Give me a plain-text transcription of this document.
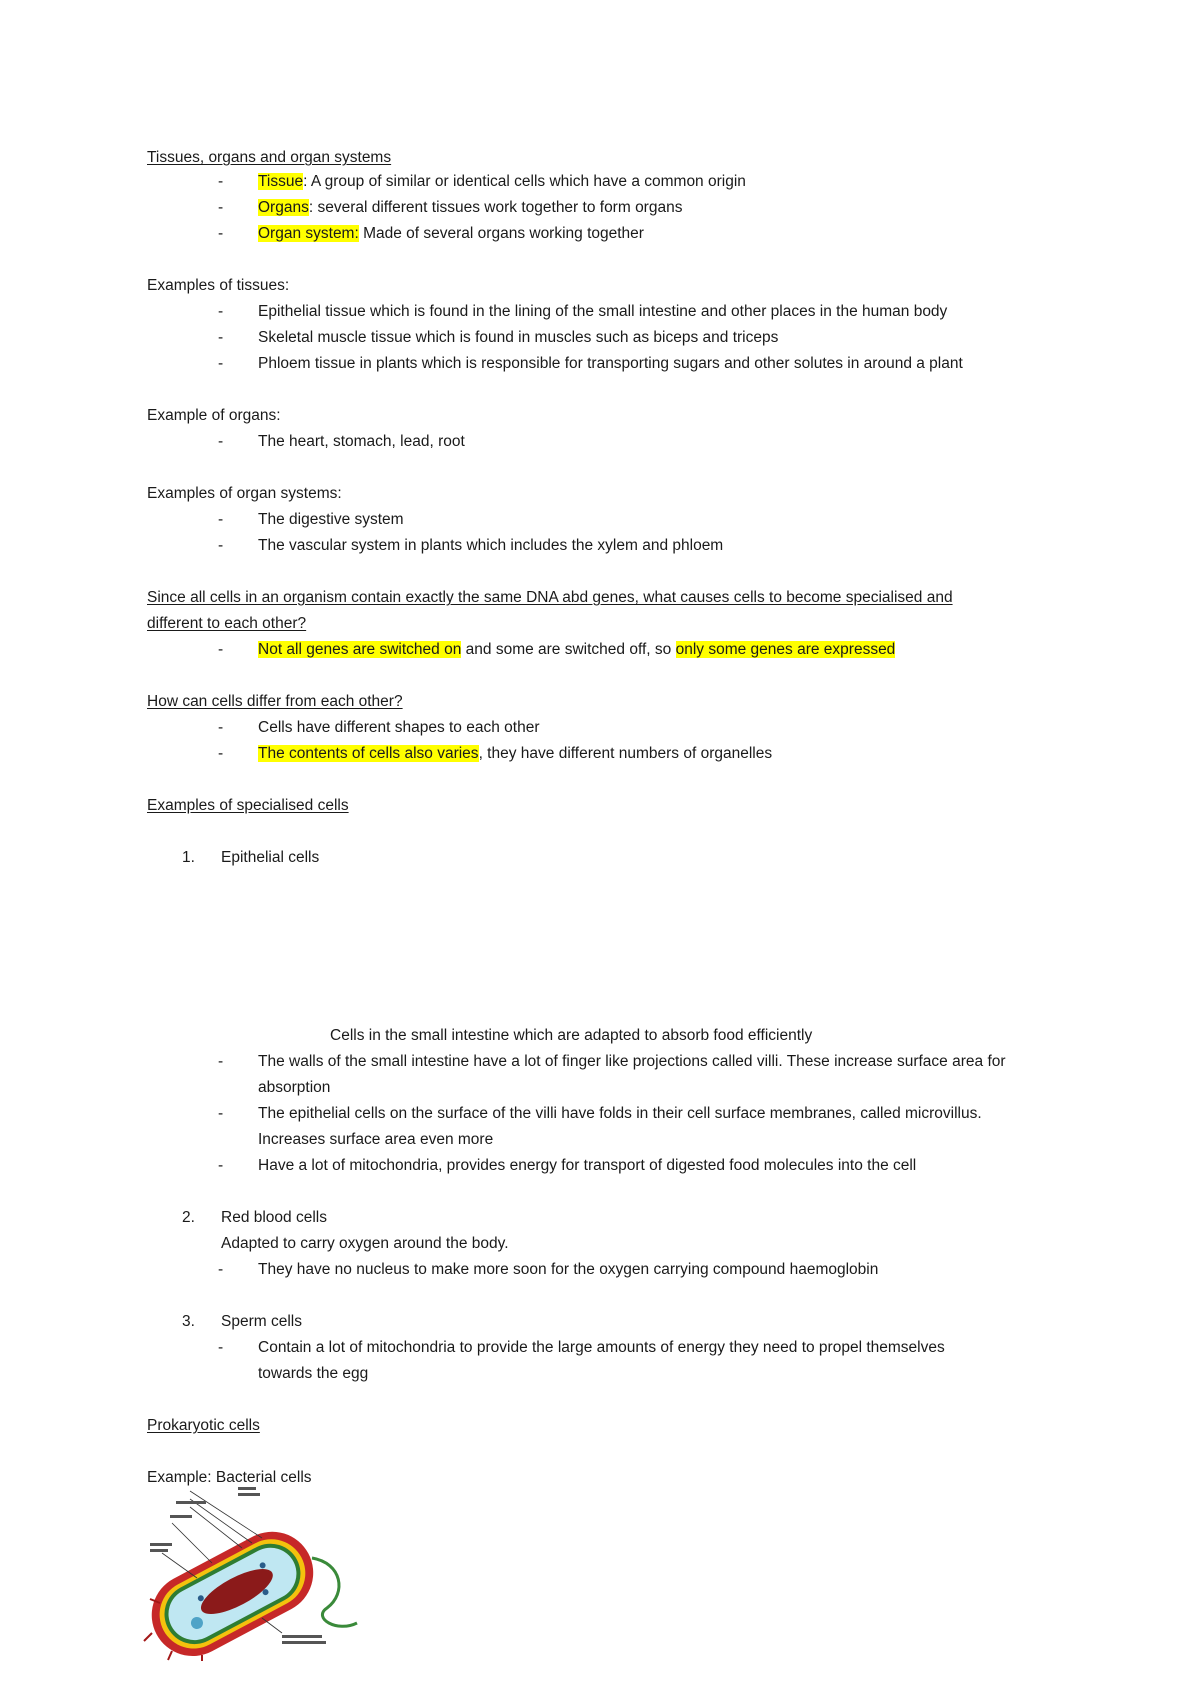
Tissues, organs and organ systems
- Tissue: A group of similar or identical cells which have a common origin
- Organs: several different tissues work together to form organs
- Organ system: Made of several organs working together
Examples of tissues:
- Epithelial tissue which is found in the lining of the small intestine and other places in the human body
- Skeletal muscle tissue which is found in muscles such as biceps and triceps
- Phloem tissue in plants which is responsible for transporting sugars and other solutes in around a plant
Example of organs:
- The heart, stomach, lead, root
Examples of organ systems:
- The digestive system
- The vascular system in plants which includes the xylem and phloem
Since all cells in an organism contain exactly the same DNA abd genes, what causes cells to become specialised and
different to each other?
- Not all genes are switched on and some are switched off, so only some genes are expressed
How can cells differ from each other?
- Cells have different shapes to each other
- The contents of cells also varies, they have different numbers of organelles
Examples of specialised cells
1. Epithelial cells
Cells in the small intestine which are adapted to absorb food efficiently
- The walls of the small intestine have a lot of finger like projections called villi. These increase surface area for
absorption
- The epithelial cells on the surface of the villi have folds in their cell surface membranes, called microvillus.
Increases surface area even more
- Have a lot of mitochondria, provides energy for transport of digested food molecules into the cell
2. Red blood cells
Adapted to carry oxygen around the body.
- They have no nucleus to make more soon for the oxygen carrying compound haemoglobin
3. Sperm cells
- Contain a lot of mitochondria to provide the large amounts of energy they need to propel themselves
towards the egg
Prokaryotic cells
Example: Bacterial cells
